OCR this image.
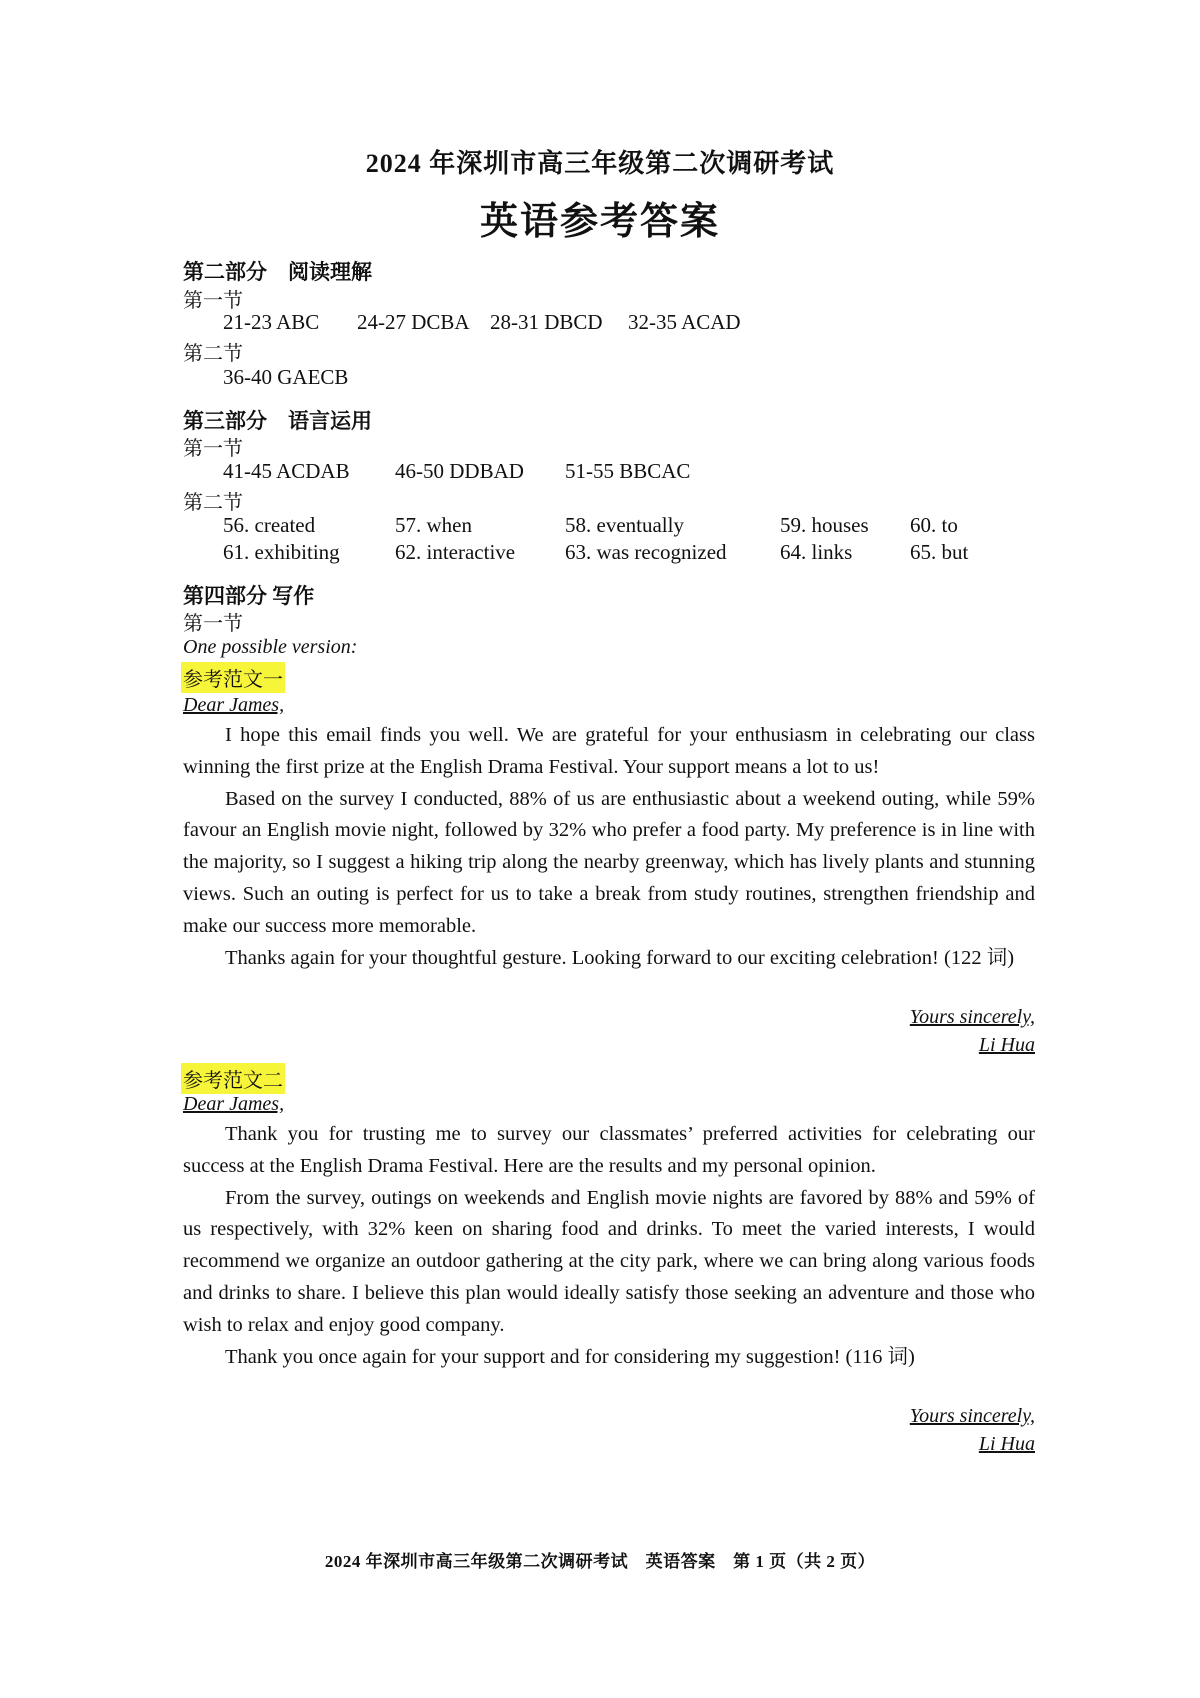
2024 年深圳市高三年级第二次调研考试
英语参考答案
第二部分　阅读理解
第一节
21-23 ABC 24-27 DCBA 28-31 DBCD 32-35 ACAD
第二节
36-40 GAECB
第三部分　语言运用
第一节
41-45 ACDAB 46-50 DDBAD 51-55 BBCAC
第二节
56. created	57. when	58. eventually	59. houses 60. to
61. exhibiting	62. interactive 63. was recognized	64. links	65. but
第四部分 写作
第一节
One possible version:
参考范文一
Dear James,

I hope this email finds you well. We are grateful for your enthusiasm in celebrating our class winning the first prize at the English Drama Festival. Your support means a lot to us!

Based on the survey I conducted, 88% of us are enthusiastic about a weekend outing, while 59% favour an English movie night, followed by 32% who prefer a food party. My preference is in line with the majority, so I suggest a hiking trip along the nearby greenway, which has lively plants and stunning views. Such an outing is perfect for us to take a break from study routines, strengthen friendship and make our success more memorable.

Thanks again for your thoughtful gesture. Looking forward to our exciting celebration! (122 词)

Yours sincerely,
Li Hua
参考范文二
Dear James,

Thank you for trusting me to survey our classmates’ preferred activities for celebrating our success at the English Drama Festival. Here are the results and my personal opinion.

From the survey, outings on weekends and English movie nights are favored by 88% and 59% of us respectively, with 32% keen on sharing food and drinks. To meet the varied interests, I would recommend we organize an outdoor gathering at the city park, where we can bring along various foods and drinks to share. I believe this plan would ideally satisfy those seeking an adventure and those who wish to relax and enjoy good company.

Thank you once again for your support and for considering my suggestion! (116 词)

Yours sincerely,
Li Hua
2024 年深圳市高三年级第二次调研考试　英语答案　第 1 页（共 2 页）
